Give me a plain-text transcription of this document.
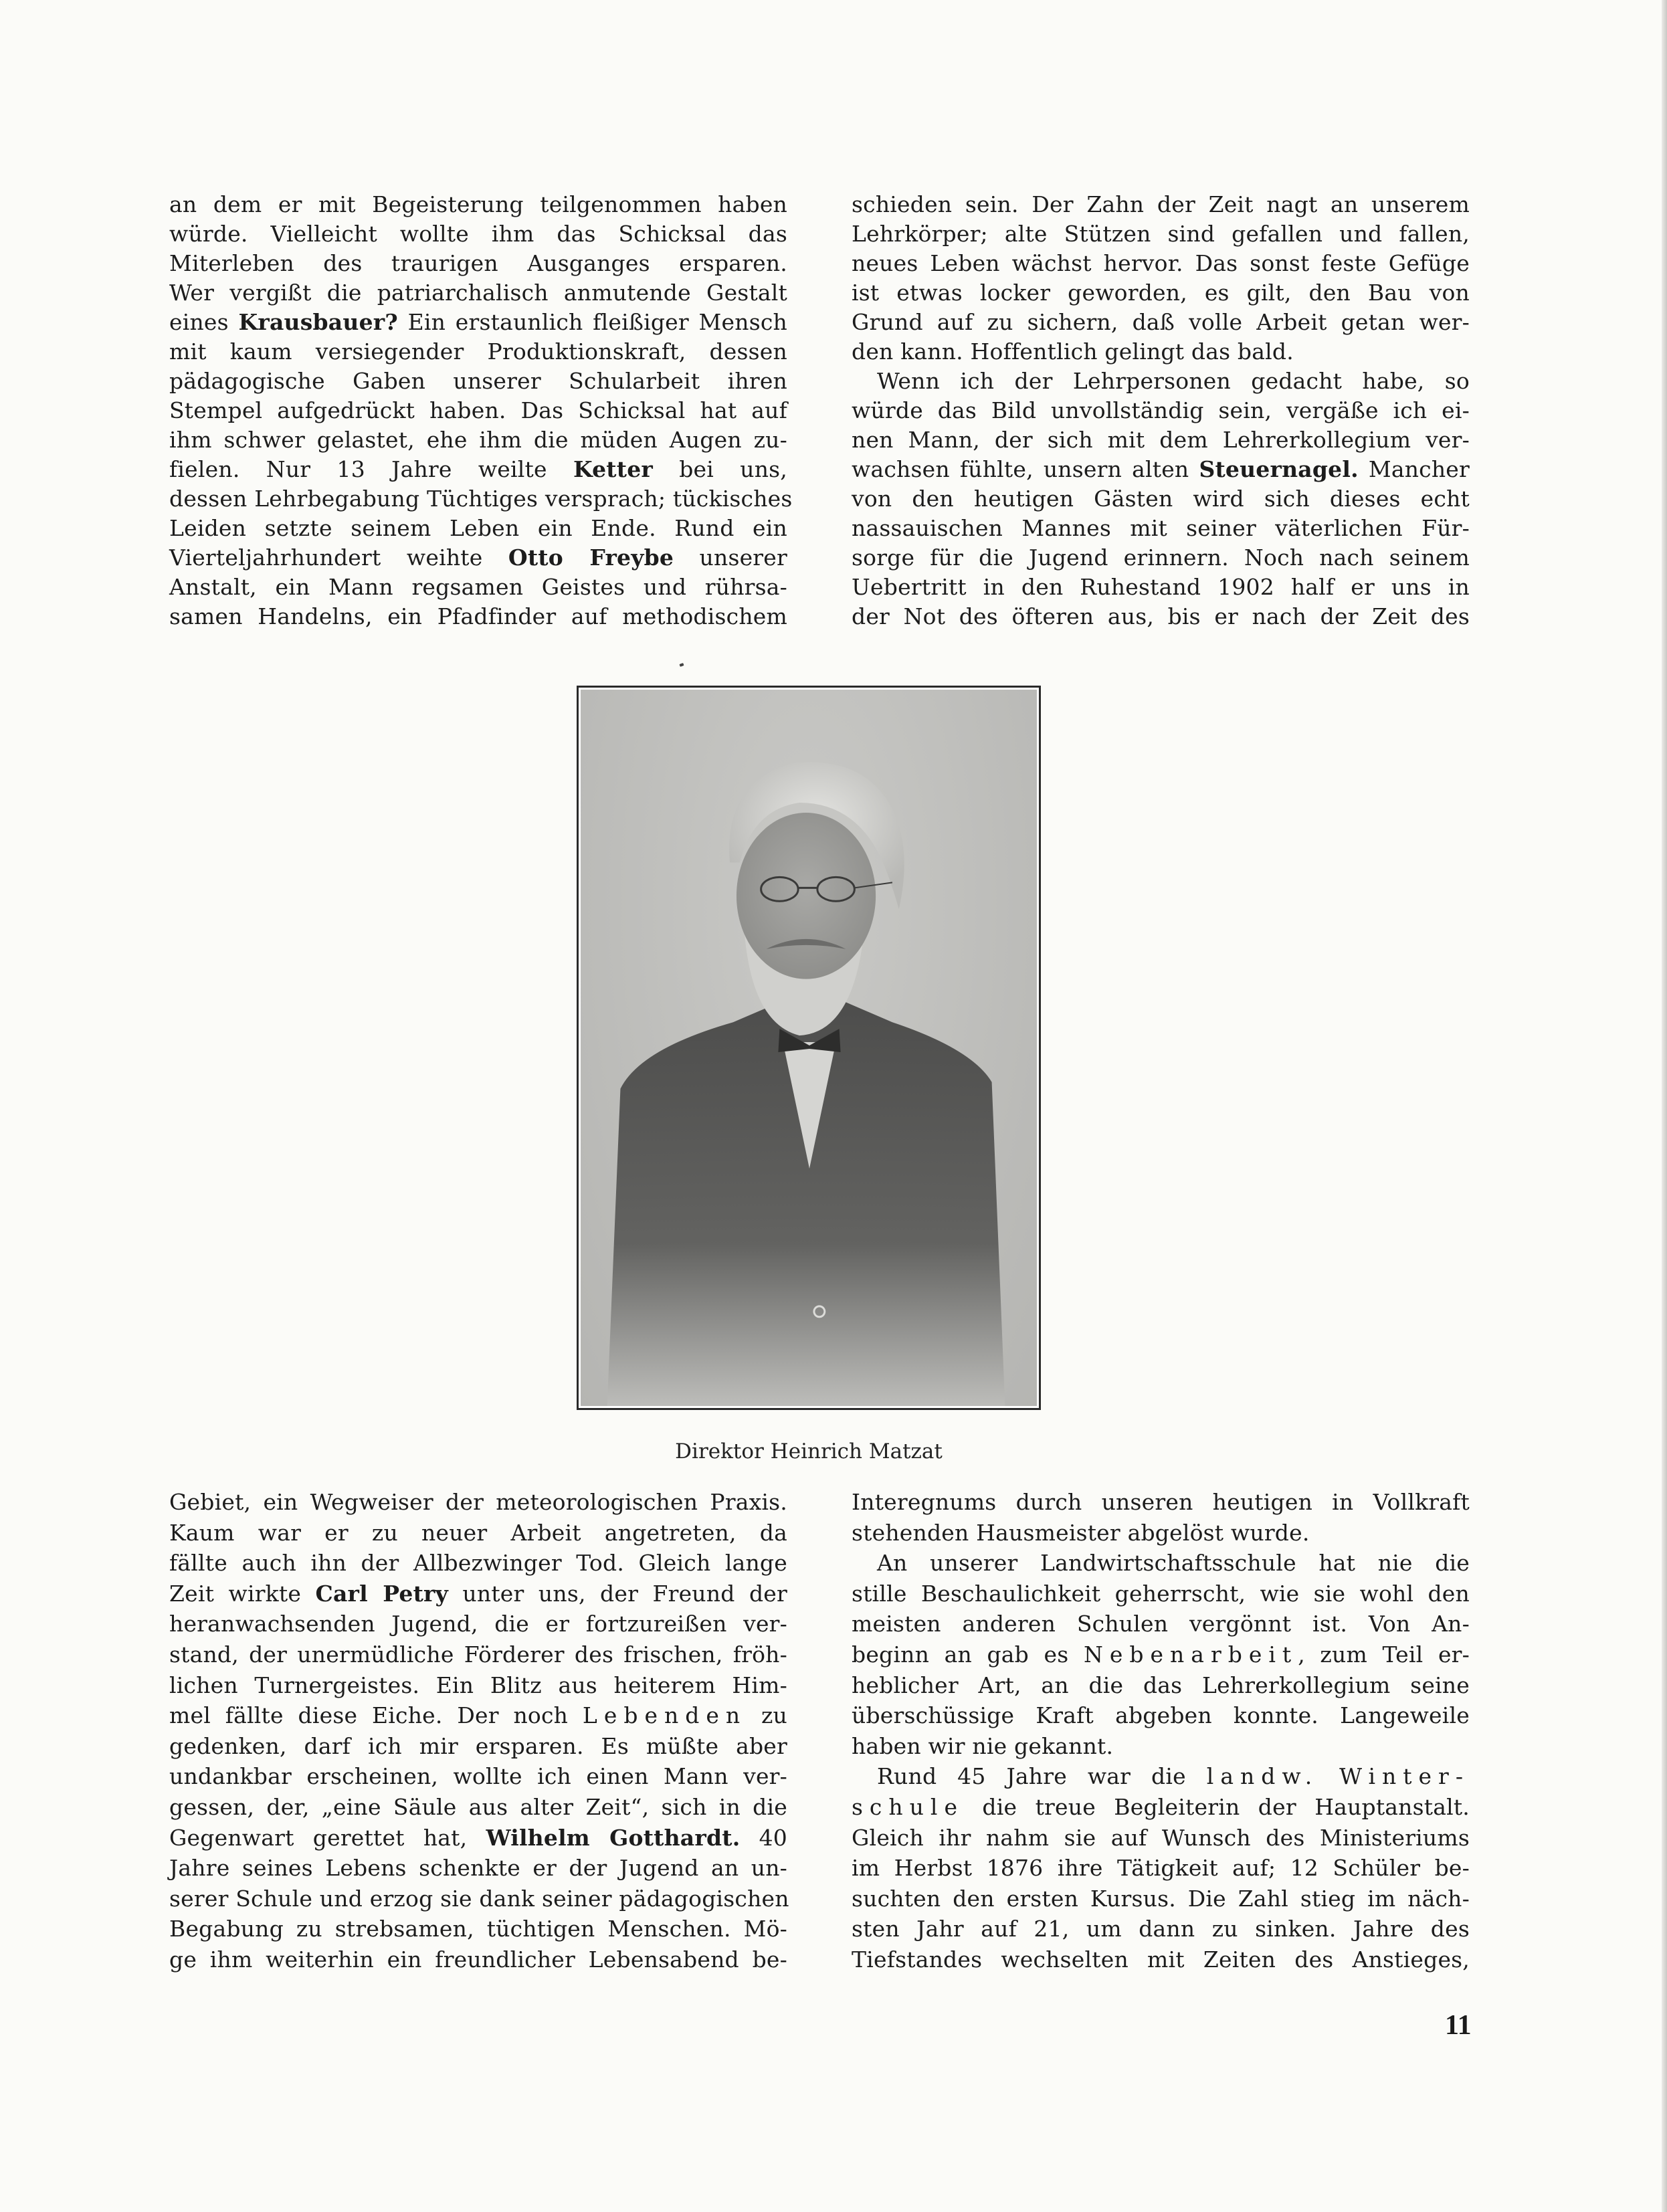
an dem er mit Begeisterung teilgenommen haben
würde. Vielleicht wollte ihm das Schicksal das
Miterleben des traurigen Ausganges ersparen.
Wer vergißt die patriarchalisch anmutende Gestalt
eines Krausbauer? Ein erstaunlich fleißiger Mensch
mit kaum versiegender Produktionskraft, dessen
pädagogische Gaben unserer Schularbeit ihren
Stempel aufgedrückt haben. Das Schicksal hat auf
ihm schwer gelastet, ehe ihm die müden Augen zu-
fielen. Nur 13 Jahre weilte Ketter bei uns,
dessen Lehrbegabung Tüchtiges versprach; tückisches
Leiden setzte seinem Leben ein Ende. Rund ein
Vierteljahrhundert weihte Otto Freybe unserer
Anstalt, ein Mann regsamen Geistes und rührsa-
samen Handelns, ein Pfadfinder auf methodischem
schieden sein. Der Zahn der Zeit nagt an unserem
Lehrkörper; alte Stützen sind gefallen und fallen,
neues Leben wächst hervor. Das sonst feste Gefüge
ist etwas locker geworden, es gilt, den Bau von
Grund auf zu sichern, daß volle Arbeit getan wer-
den kann. Hoffentlich gelingt das bald.
Wenn ich der Lehrpersonen gedacht habe, so
würde das Bild unvollständig sein, vergäße ich ei-
nen Mann, der sich mit dem Lehrerkollegium ver-
wachsen fühlte, unsern alten Steuernagel. Mancher
von den heutigen Gästen wird sich dieses echt
nassauischen Mannes mit seiner väterlichen Für-
sorge für die Jugend erinnern. Noch nach seinem
Uebertritt in den Ruhestand 1902 half er uns in
der Not des öfteren aus, bis er nach der Zeit des
Direktor Heinrich Matzat
Gebiet, ein Wegweiser der meteorologischen Praxis.
Kaum war er zu neuer Arbeit angetreten, da
fällte auch ihn der Allbezwinger Tod. Gleich lange
Zeit wirkte Carl Petry unter uns, der Freund der
heranwachsenden Jugend, die er fortzureißen ver-
stand, der unermüdliche Förderer des frischen, fröh-
lichen Turnergeistes. Ein Blitz aus heiterem Him-
mel fällte diese Eiche. Der noch Lebenden zu
gedenken, darf ich mir ersparen. Es müßte aber
undankbar erscheinen, wollte ich einen Mann ver-
gessen, der, „eine Säule aus alter Zeit“, sich in die
Gegenwart gerettet hat, Wilhelm Gotthardt. 40
Jahre seines Lebens schenkte er der Jugend an un-
serer Schule und erzog sie dank seiner pädagogischen
Begabung zu strebsamen, tüchtigen Menschen. Mö-
ge ihm weiterhin ein freundlicher Lebensabend be-
Interegnums durch unseren heutigen in Vollkraft
stehenden Hausmeister abgelöst wurde.
An unserer Landwirtschaftsschule hat nie die
stille Beschaulichkeit geherrscht, wie sie wohl den
meisten anderen Schulen vergönnt ist. Von An-
beginn an gab es Nebenarbeit, zum Teil er-
heblicher Art, an die das Lehrerkollegium seine
überschüssige Kraft abgeben konnte. Langeweile
haben wir nie gekannt.
Rund 45 Jahre war die landw. Winter-
schule die treue Begleiterin der Hauptanstalt.
Gleich ihr nahm sie auf Wunsch des Ministeriums
im Herbst 1876 ihre Tätigkeit auf; 12 Schüler be-
suchten den ersten Kursus. Die Zahl stieg im näch-
sten Jahr auf 21, um dann zu sinken. Jahre des
Tiefstandes wechselten mit Zeiten des Anstieges,
11
